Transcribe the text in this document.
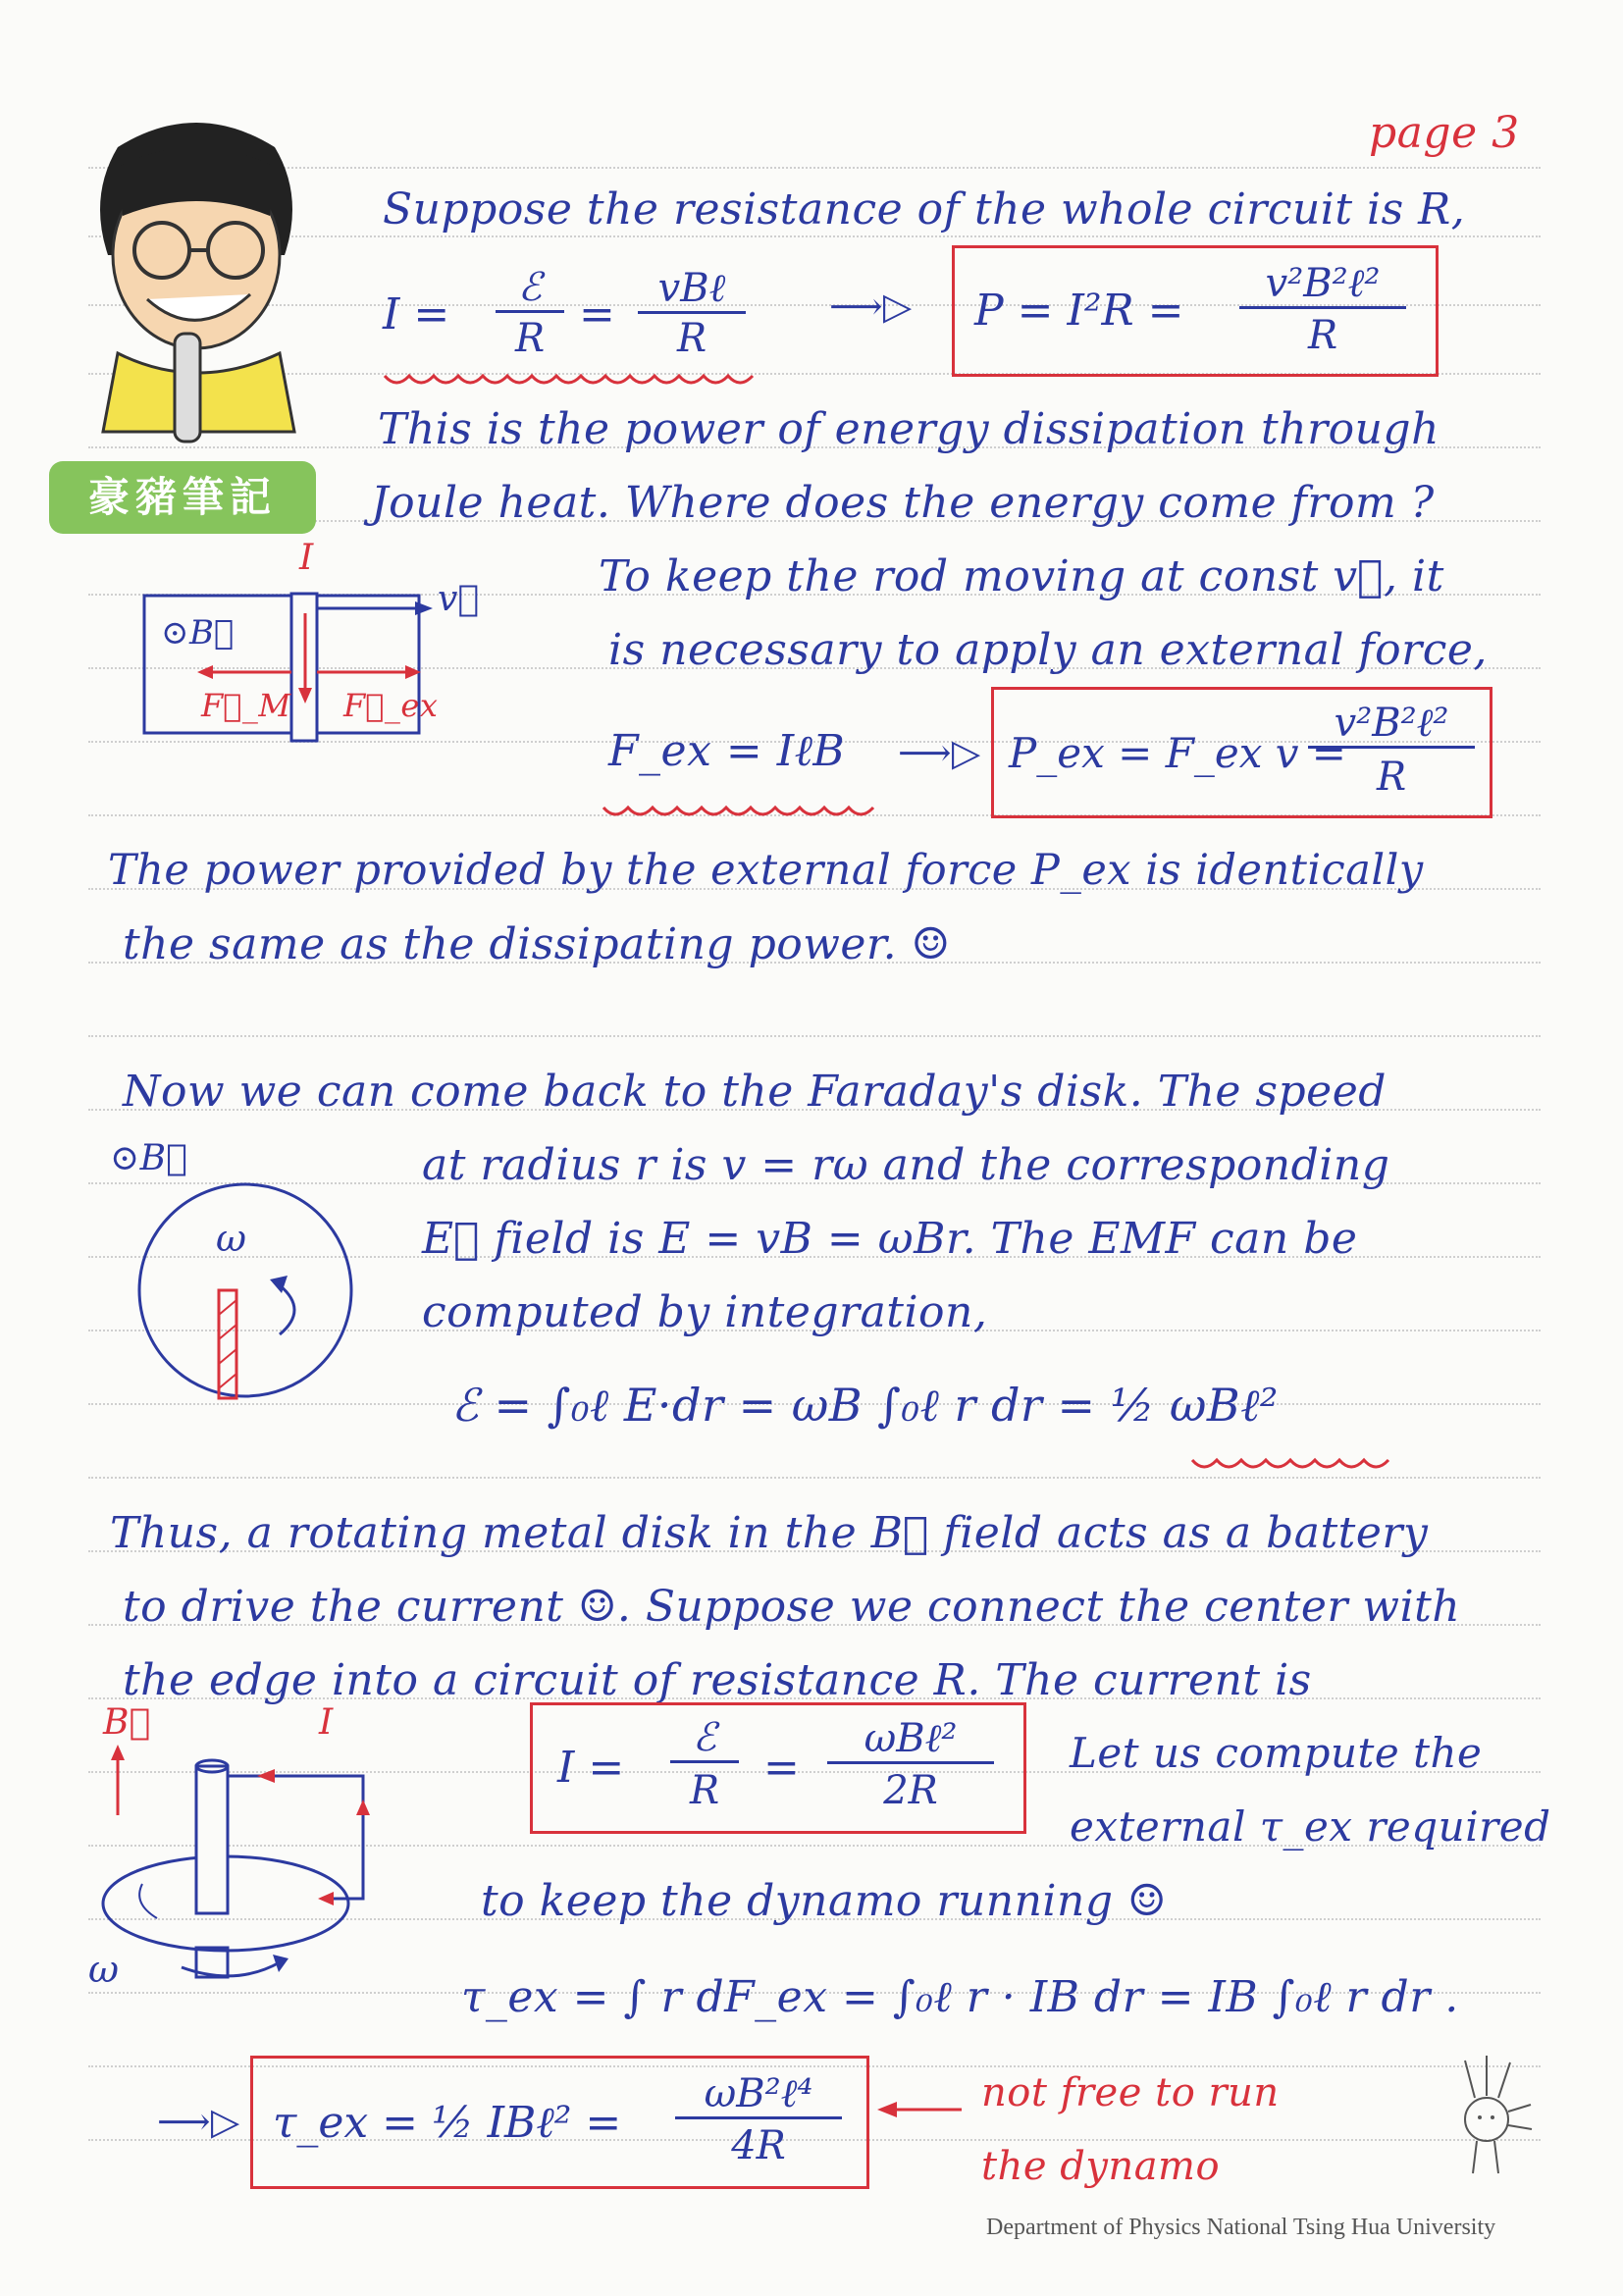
豪豬筆記
page 3
Suppose the resistance of the whole circuit is R,
I =
ℰ
R =
vBℓ
R
⟶▷ P = I²R =
v²B²ℓ²
R
This is the power of energy dissipation through
Joule heat. Where does the energy come from ?
I
v⃗
⊙B⃗
F⃗_M F⃗_ex
To keep the rod moving at const v⃗, it
is necessary to apply an external force,
F_ex = IℓB ⟶▷ P_ex = F_ex v =
v²B²ℓ²
R
The power provided by the external force P_ex is identically
the same as the dissipating power. ☺
Now we can come back to the Faraday's disk. The speed
at radius r is v = rω and the corresponding
E⃗ field is E = vB = ωBr. The EMF can be
computed by integration,
⊙B⃗
ω
ℰ = ∫₀ℓ E·dr = ωB ∫₀ℓ r dr = ½ ωBℓ²
Thus, a rotating metal disk in the B⃗ field acts as a battery
to drive the current ☺. Suppose we connect the center with
the edge into a circuit of resistance R. The current is
B⃗	I
ω
I =
ℰ
R	=
ωBℓ²
2R
Let us compute the
external τ_ex required
to keep the dynamo running ☺
τ_ex = ∫ r dF_ex = ∫₀ℓ r · IB dr = IB ∫₀ℓ r dr .
⟶▷ τ_ex = ½ IBℓ² =
ωB²ℓ⁴
4R
not free to run
the dynamo
Department of Physics National Tsing Hua University
